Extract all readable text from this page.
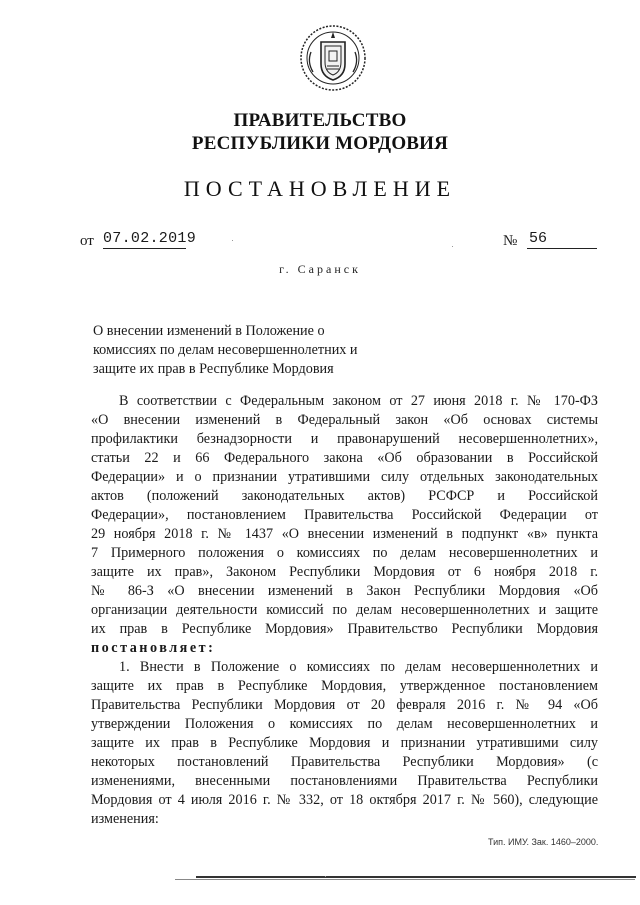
ПРАВИТЕЛЬСТВО
РЕСПУБЛИКИ МОРДОВИЯ
ПОСТАНОВЛЕНИЕ
от 07.02.2019	№ 56
г. Саранск
О внесении изменений в Положение о
комиссиях по делам несовершеннолетних и
защите их прав в Республике Мордовия
В соответствии с Федеральным законом от 27 июня 2018 г. № 170-ФЗ
«О внесении изменений в Федеральный закон «Об основах системы
профилактики безнадзорности и правонарушений несовершеннолетних»,
статьи 22 и 66 Федерального закона «Об образовании в Российской
Федерации» и о признании утратившими силу отдельных законодательных
актов (положений законодательных актов) РСФСР и Российской
Федерации», постановлением Правительства Российской Федерации от
29 ноября 2018 г. № 1437 «О внесении изменений в подпункт «в» пункта
7 Примерного положения о комиссиях по делам несовершеннолетних и
защите их прав», Законом Республики Мордовия от 6 ноября 2018 г.
№ 86-З «О внесении изменений в Закон Республики Мордовия «Об
организации деятельности комиссий по делам несовершеннолетних и защите
их прав в Республике Мордовия» Правительство Республики Мордовия
постановляет:
1. Внести в Положение о комиссиях по делам несовершеннолетних и
защите их прав в Республике Мордовия, утвержденное постановлением
Правительства Республики Мордовия от 20 февраля 2016 г. № 94 «Об
утверждении Положения о комиссиях по делам несовершеннолетних и
защите их прав в Республике Мордовия и признании утратившими силу
некоторых постановлений Правительства Республики Мордовия» (с
изменениями, внесенными постановлениями Правительства Республики
Мордовия от 4 июля 2016 г. № 332, от 18 октября 2017 г. № 560), следующие
изменения:
Тип. ИМУ. Зак. 1460–2000.
